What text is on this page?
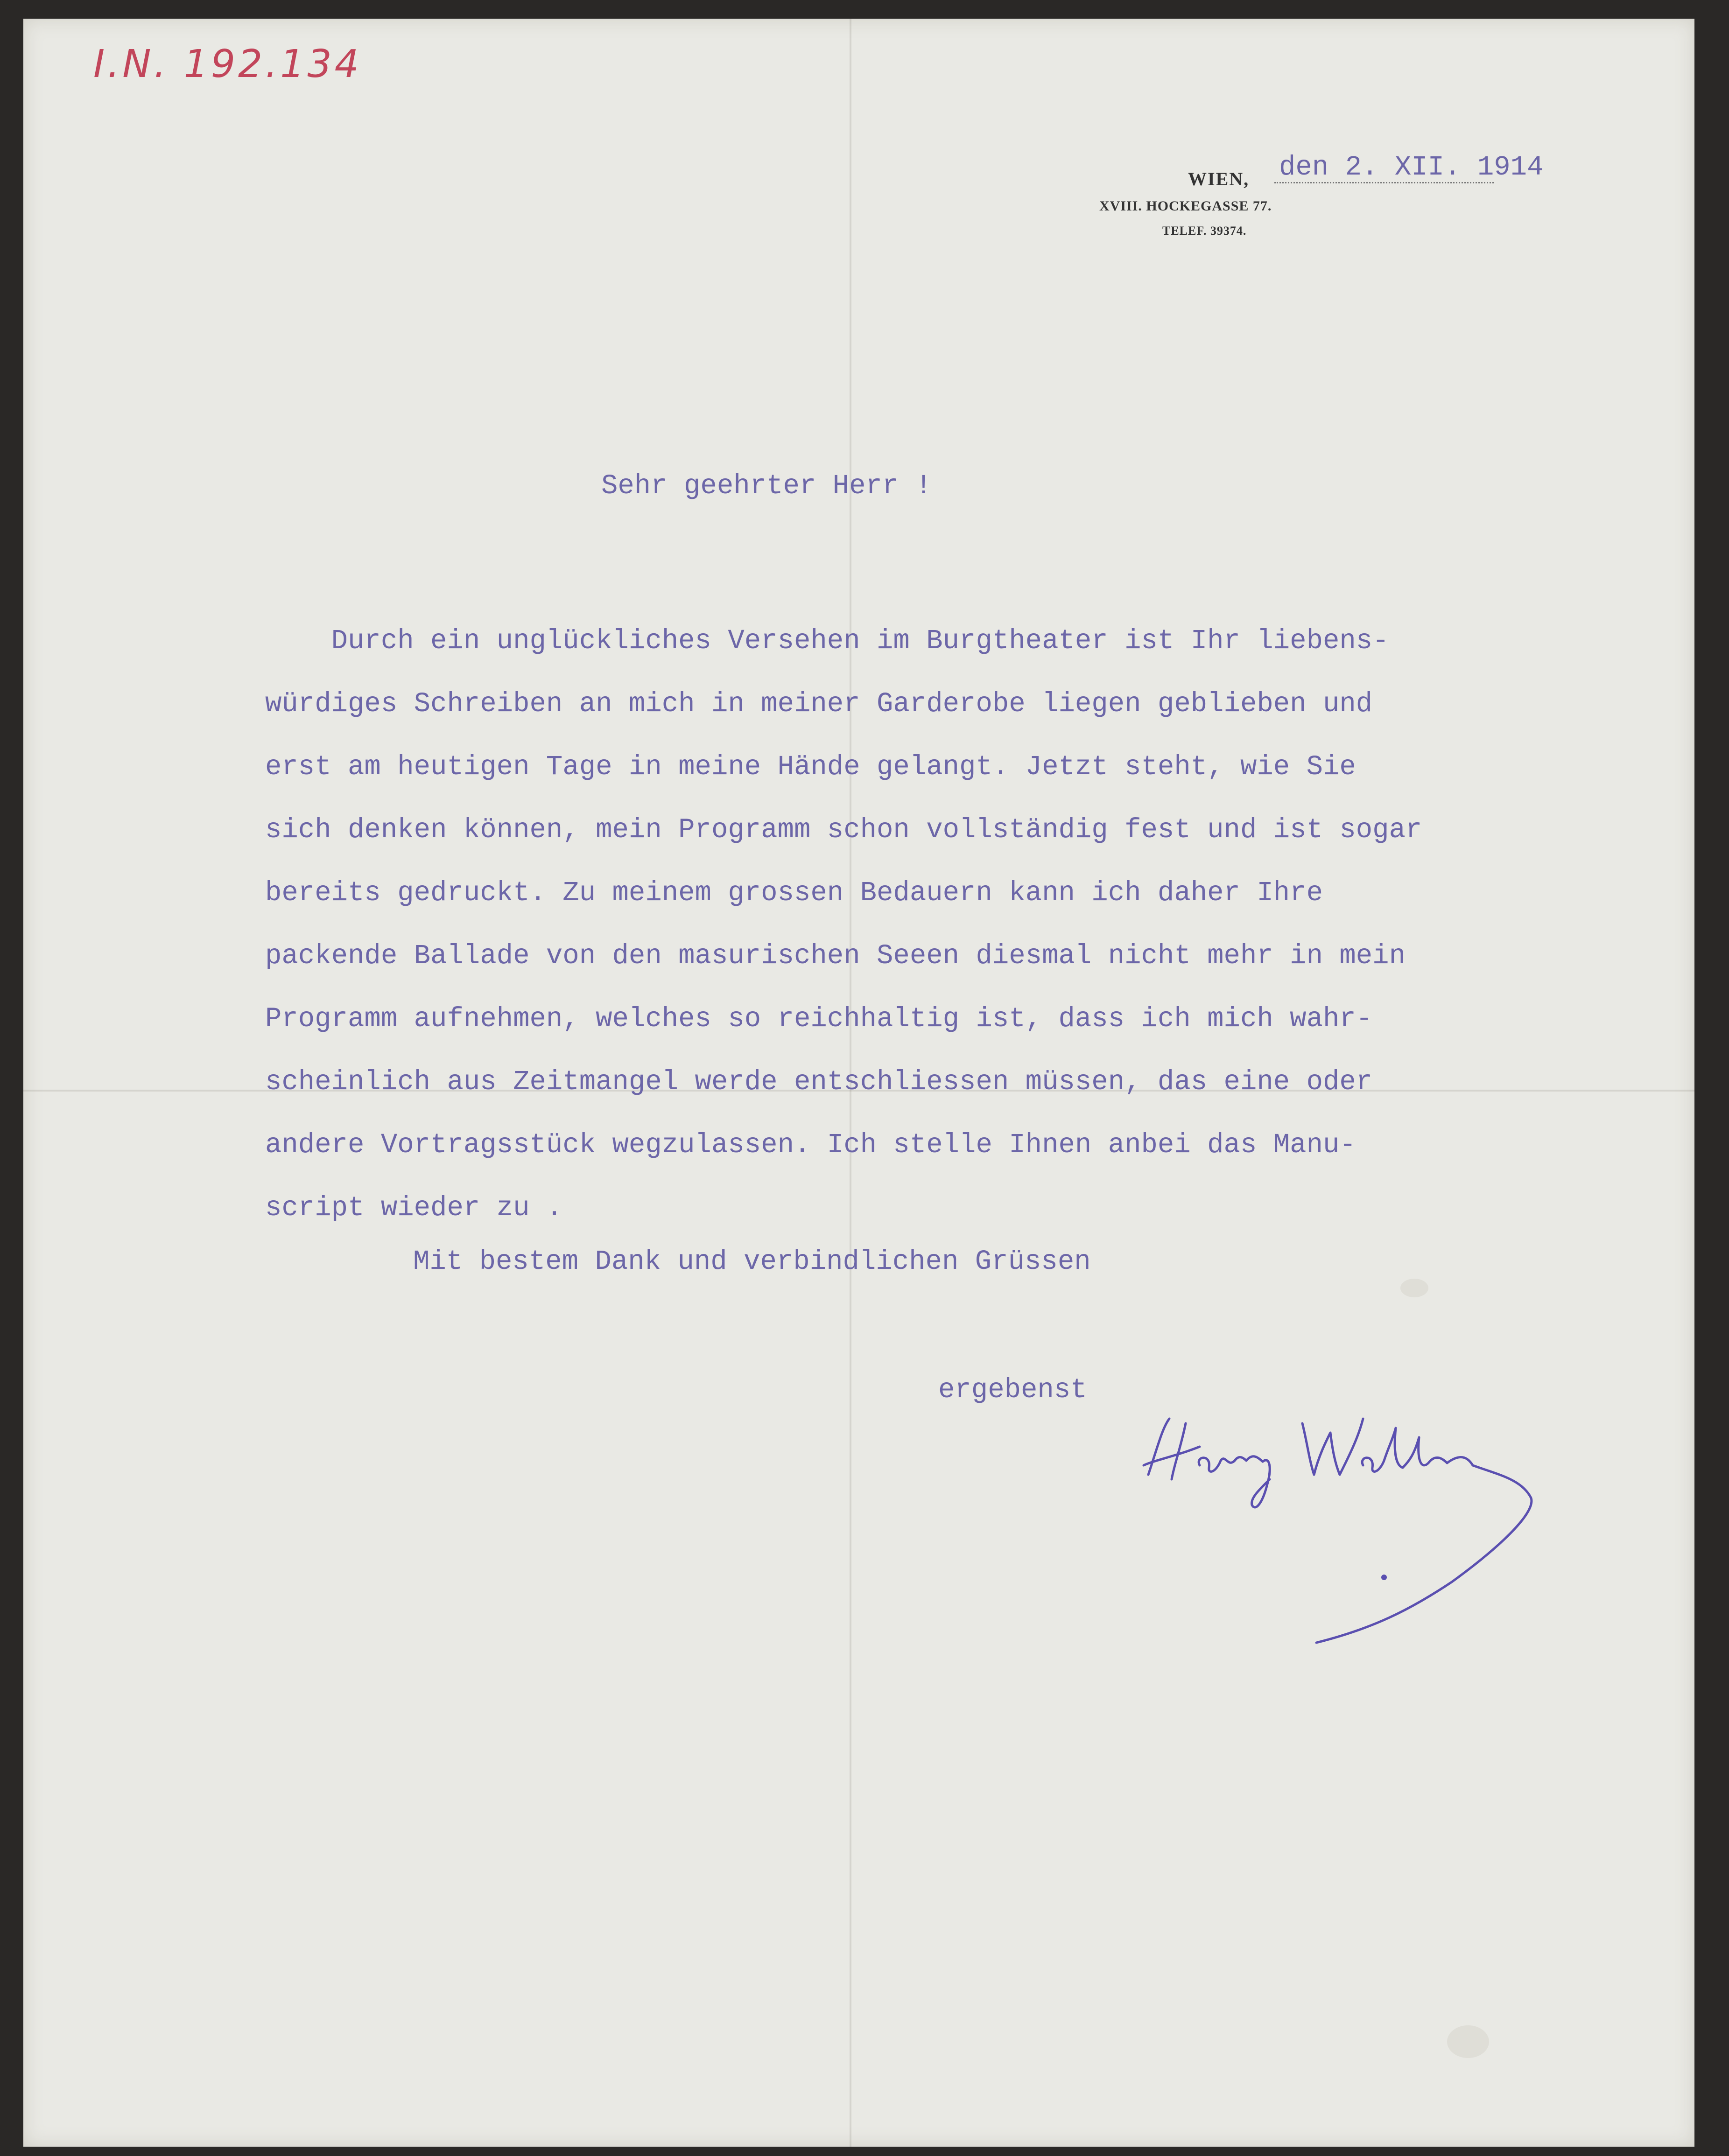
I.N. 192.134
WIEN, den 2. XII. 1914
XVIII. HOCKEGASSE 77.
TELEF. 39374.
Sehr geehrter Herr !
Durch ein unglückliches Versehen im Burgtheater ist Ihr liebens-
würdiges Schreiben an mich in meiner Garderobe liegen geblieben und
erst am heutigen Tage in meine Hände gelangt. Jetzt steht, wie Sie
sich denken können, mein Programm schon vollständig fest und ist sogar
bereits gedruckt. Zu meinem grossen Bedauern kann ich daher Ihre
packende Ballade von den masurischen Seeen diesmal nicht mehr in mein
Programm aufnehmen, welches so reichhaltig ist, dass ich mich wahr-
scheinlich aus Zeitmangel werde entschliessen müssen, das eine oder
andere Vortragsstück wegzulassen. Ich stelle Ihnen anbei das Manu-
script wieder zu .
Mit bestem Dank und verbindlichen Grüssen
ergebenst
